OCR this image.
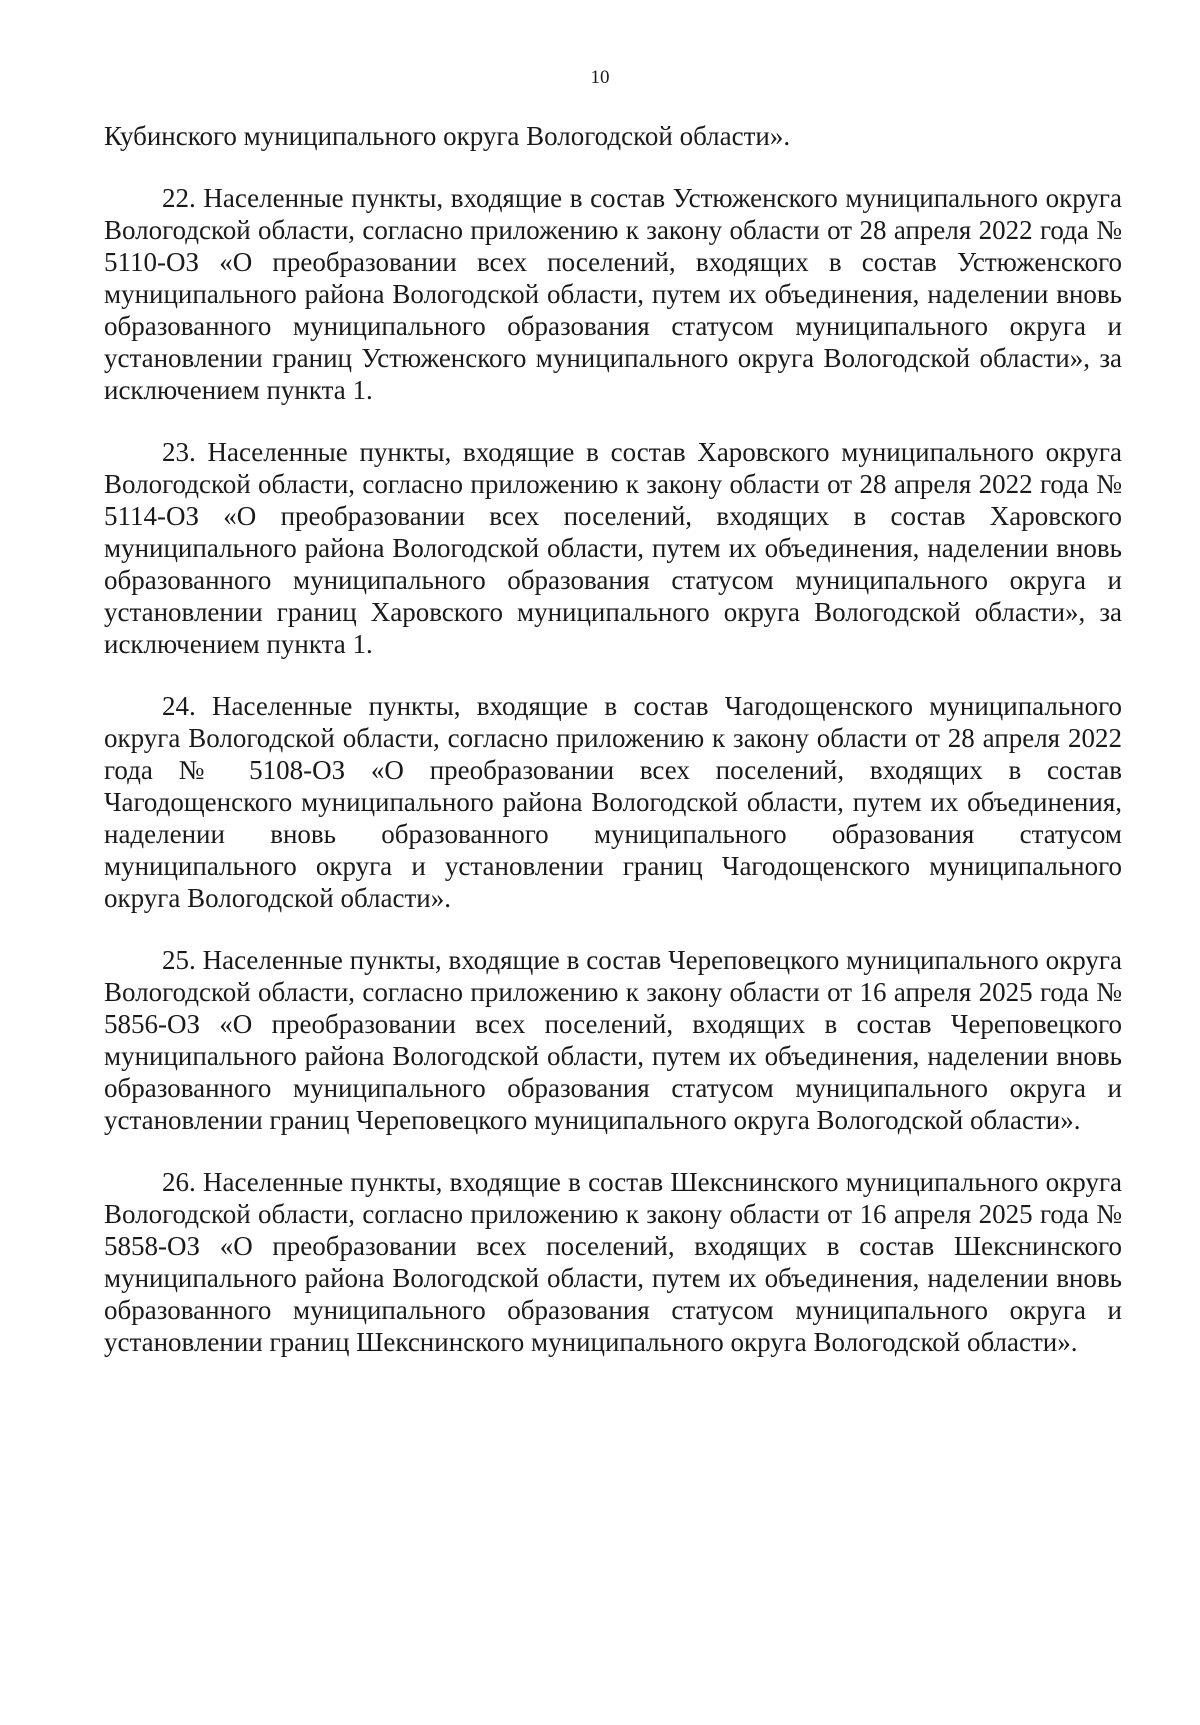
10

Кубинского муниципального округа Вологодской области».

22. Населенные пункты, входящие в состав Устюженского муниципального округа Вологодской области, согласно приложению к закону области от 28 апреля 2022 года № 5110-ОЗ «О преобразовании всех поселений, входящих в состав Устюженского муниципального района Вологодской области, путем их объединения, наделении вновь образованного муниципального образования статусом муниципального округа и установлении границ Устюженского муниципального округа Вологодской области», за исключением пункта 1.

23. Населенные пункты, входящие в состав Харовского муниципального округа Вологодской области, согласно приложению к закону области от 28 апреля 2022 года № 5114-ОЗ «О преобразовании всех поселений, входящих в состав Харовского муниципального района Вологодской области, путем их объединения, наделении вновь образованного муниципального образования статусом муниципального округа и установлении границ Харовского муниципального округа Вологодской области», за исключением пункта 1.

24. Населенные пункты, входящие в состав Чагодощенского муниципального округа Вологодской области, согласно приложению к закону области от 28 апреля 2022 года № 5108-ОЗ «О преобразовании всех поселений, входящих в состав Чагодощенского муниципального района Вологодской области, путем их объединения, наделении вновь образованного муниципального образования статусом муниципального округа и установлении границ Чагодощенского муниципального округа Вологодской области».

25. Населенные пункты, входящие в состав Череповецкого муниципального округа Вологодской области, согласно приложению к закону области от 16 апреля 2025 года № 5856-ОЗ «О преобразовании всех поселений, входящих в состав Череповецкого муниципального района Вологодской области, путем их объединения, наделении вновь образованного муниципального образования статусом муниципального округа и установлении границ Череповецкого муниципального округа Вологодской области».

26. Населенные пункты, входящие в состав Шекснинского муниципального округа Вологодской области, согласно приложению к закону области от 16 апреля 2025 года № 5858-ОЗ «О преобразовании всех поселений, входящих в состав Шекснинского муниципального района Вологодской области, путем их объединения, наделении вновь образованного муниципального образования статусом муниципального округа и установлении границ Шекснинского муниципального округа Вологодской области».
